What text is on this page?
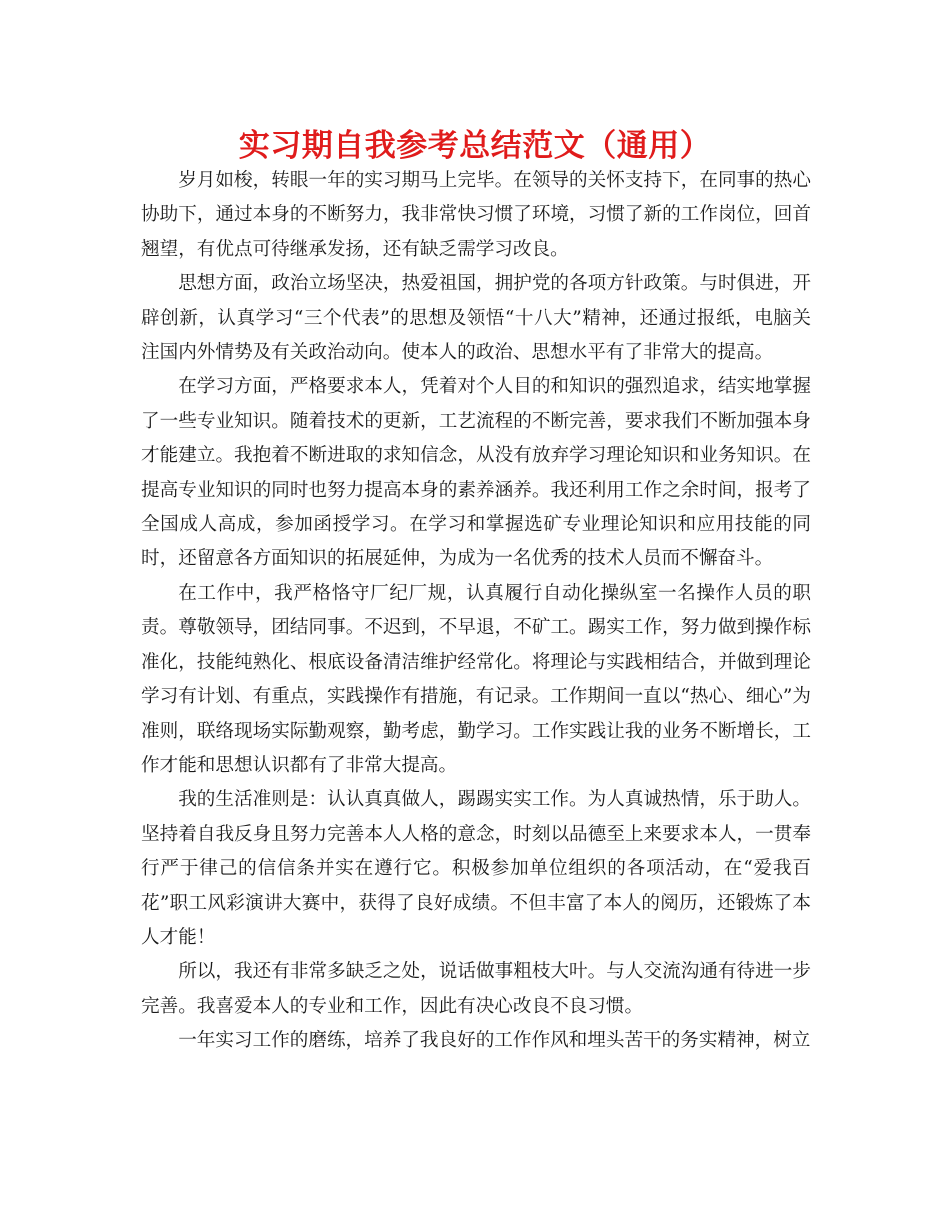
实习期自我参考总结范文（通用）

岁月如梭，转眼一年的实习期马上完毕。在领导的关怀支持下，在同事的热心协助下，通过本身的不断努力，我非常快习惯了环境，习惯了新的工作岗位，回首翘望，有优点可待继承发扬，还有缺乏需学习改良。

思想方面，政治立场坚决，热爱祖国，拥护党的各项方针政策。与时俱进，开辟创新，认真学习“三个代表”的思想及领悟“十八大”精神，还通过报纸，电脑关注国内外情势及有关政治动向。使本人的政治、思想水平有了非常大的提高。

在学习方面，严格要求本人，凭着对个人目的和知识的强烈追求，结实地掌握了一些专业知识。随着技术的更新，工艺流程的不断完善，要求我们不断加强本身才能建立。我抱着不断进取的求知信念，从没有放弃学习理论知识和业务知识。在提高专业知识的同时也努力提高本身的素养涵养。我还利用工作之余时间，报考了全国成人高成，参加函授学习。在学习和掌握选矿专业理论知识和应用技能的同时，还留意各方面知识的拓展延伸，为成为一名优秀的技术人员而不懈奋斗。

在工作中，我严格恪守厂纪厂规，认真履行自动化操纵室一名操作人员的职责。尊敬领导，团结同事。不迟到，不早退，不矿工。踢实工作，努力做到操作标准化，技能纯熟化、根底设备清洁维护经常化。将理论与实践相结合，并做到理论学习有计划、有重点，实践操作有措施，有记录。工作期间一直以“热心、细心”为准则，联络现场实际勤观察，勤考虑，勤学习。工作实践让我的业务不断增长，工作才能和思想认识都有了非常大提高。

我的生活准则是：认认真真做人，踢踢实实工作。为人真诚热情，乐于助人。坚持着自我反身且努力完善本人人格的意念，时刻以品德至上来要求本人，一贯奉行严于律己的信信条并实在遵行它。积极参加单位组织的各项活动，在“爱我百花”职工风彩演讲大赛中，获得了良好成绩。不但丰富了本人的阅历，还锻炼了本人才能！

所以，我还有非常多缺乏之处，说话做事粗枝大叶。与人交流沟通有待进一步完善。我喜爱本人的专业和工作，因此有决心改良不良习惯。

一年实习工作的磨练，培养了我良好的工作作风和埋头苦干的务实精神，树立
